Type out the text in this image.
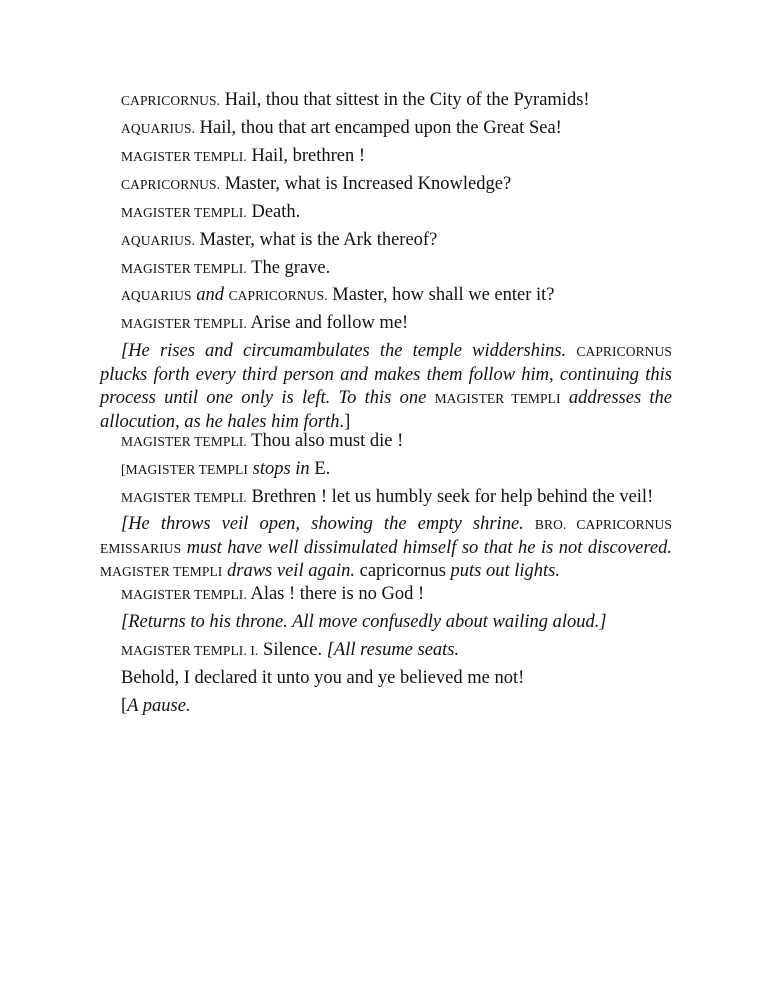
CAPRICORNUS. Hail, thou that sittest in the City of the Pyramids!

AQUARIUS. Hail, thou that art encamped upon the Great Sea!

MAGISTER TEMPLI. Hail, brethren !

CAPRICORNUS. Master, what is Increased Knowledge?

MAGISTER TEMPLI. Death.

AQUARIUS. Master, what is the Ark thereof?

MAGISTER TEMPLI. The grave.

AQUARIUS and CAPRICORNUS. Master, how shall we enter it?

MAGISTER TEMPLI. Arise and follow me!

[He rises and circumambulates the temple widdershins. CAPRICORNUS plucks forth every third person and makes them follow him, continuing this process until one only is left. To this one MAGISTER TEMPLI addresses the allocution, as he hales him forth.]

MAGISTER TEMPLI. Thou also must die !

[MAGISTER TEMPLI stops in E.

MAGISTER TEMPLI. Brethren ! let us humbly seek for help behind the veil!

[He throws veil open, showing the empty shrine. BRO. CAPRICORNUS EMISSARIUS must have well dissimulated himself so that he is not discovered. MAGISTER TEMPLI draws veil again. capricornus puts out lights.

MAGISTER TEMPLI. Alas ! there is no God !

[Returns to his throne. All move confusedly about wailing aloud.]

MAGISTER TEMPLI. I. Silence. [All resume seats.

Behold, I declared it unto you and ye believed me not!

[A pause.
